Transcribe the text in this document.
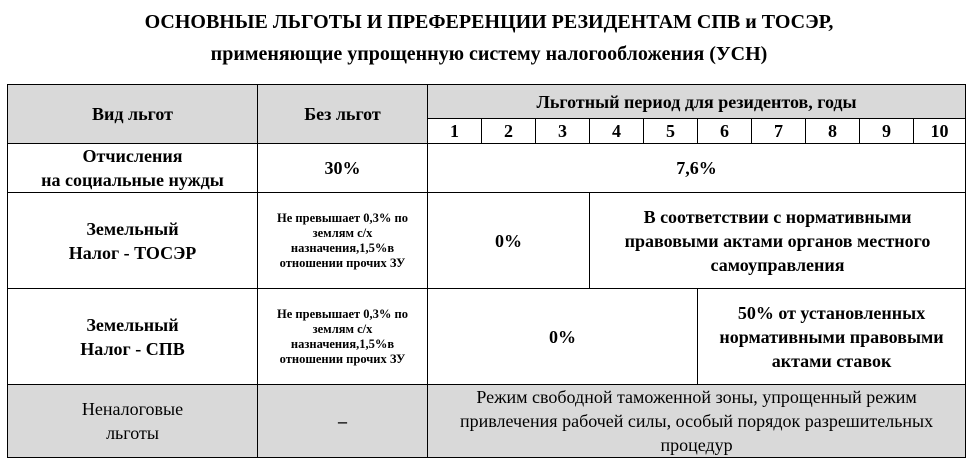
ОСНОВНЫЕ ЛЬГОТЫ И ПРЕФЕРЕНЦИИ РЕЗИДЕНТАМ СПВ и ТОСЭР,
применяющие упрощенную систему налогообложения (УСН)
Вид льгот	Без льгот	Льготный период для резидентов, годы									
		1	2	3	4	5	6	7	8	9	10

Отчисления
на социальные нужды	30%	7,6%									

Земельный
Налог - ТОСЭР	Не превышает 0,3% по землям с/х назначения,1,5%в отношении прочих ЗУ	0%			В соответствии с нормативными правовыми актами органов местного самоуправления						

Земельный
Налог - СПВ	Не превышает 0,3% по землям с/х назначения,1,5%в отношении прочих ЗУ	0%					50% от установленных нормативными правовыми актами ставок				

Неналоговые
льготы	–	Режим свободной таможенной зоны, упрощенный режим привлечения рабочей силы, особый порядок разрешительных процедур									
